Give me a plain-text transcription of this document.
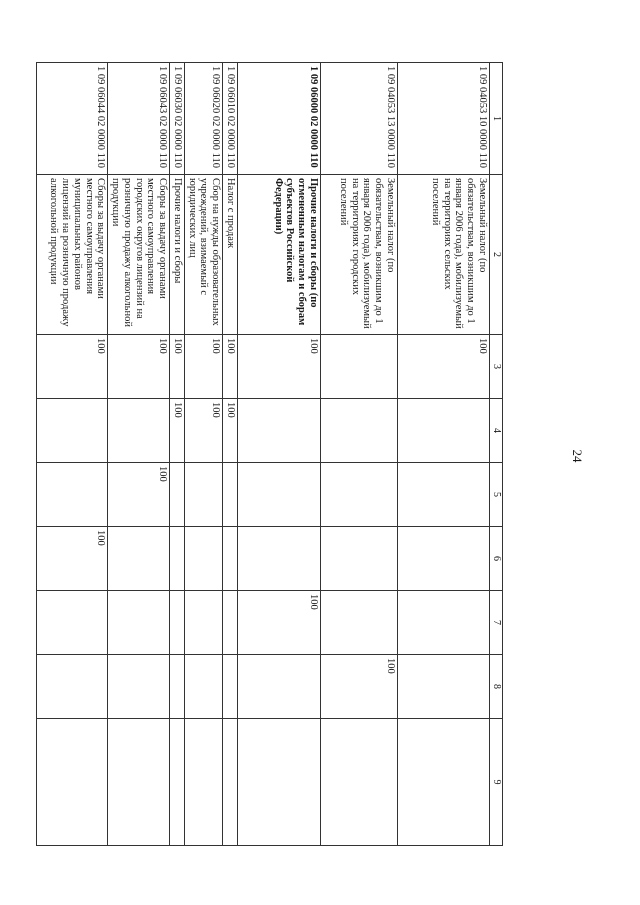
24
1	2	3	4	5	6	7	8	9
1 09 04053 10 0000 110	Земельный налог (по обязательствам, возникшим до 1 января 2006 года), мобилизуемый на территориях сельских поселений	100						
1 09 04053 13 0000 110	Земельный налог (по обязательствам, возникшим до 1 января 2006 года), мобилизуемый на территориях городских поселений						100	
1 09 06000 02 0000 110	Прочие налоги и сборы (по отмененным налогам и сборам субъектов Российской Федерации)	100				100		
1 09 06010 02 0000 110	Налог с продаж	100	100					
1 09 06020 02 0000 110	Сбор на нужды образовательных учреждений, взимаемый с юридических лиц	100	100					
1 09 06030 02 0000 110	Прочие налоги и сборы	100	100					
1 09 06043 02 0000 110	Сборы за выдачу органами местного самоуправления городских округов лицензий на розничную продажу алкогольной продукции	100		100				
1 09 06044 02 0000 110	Сборы за выдачу органами местного самоуправления муниципальных районов лицензий на розничную продажу алкогольной продукции	100			100			
